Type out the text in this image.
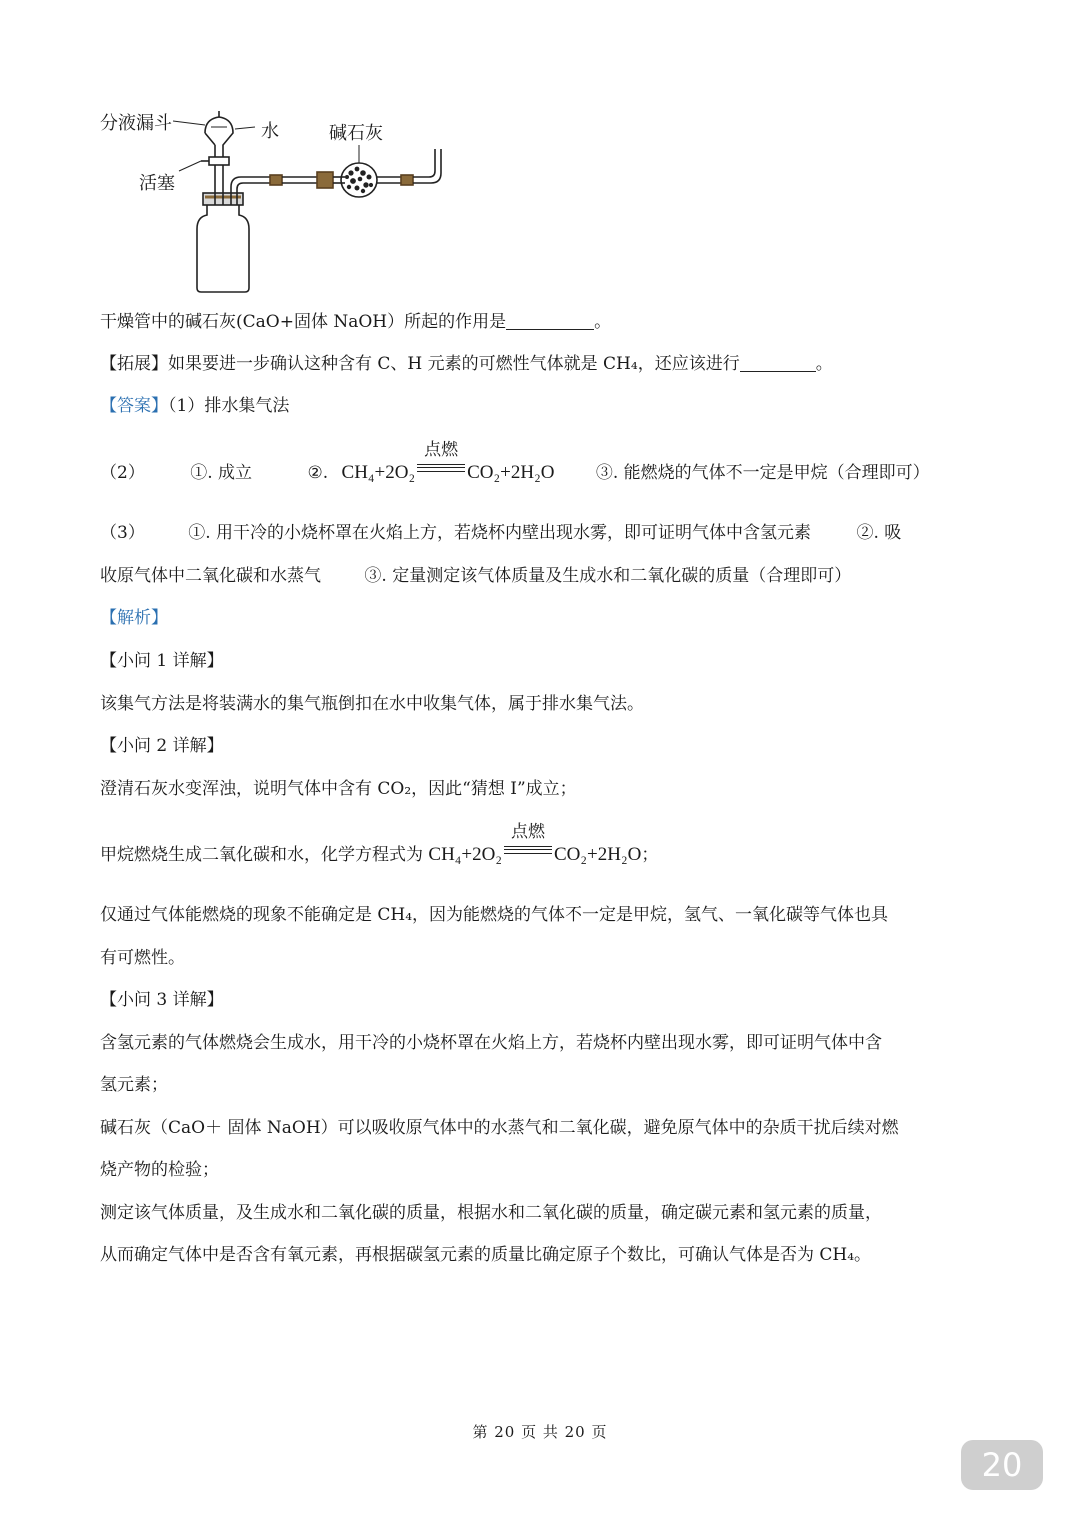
分液漏斗	水	碱石灰
活塞
干燥管中的碱石灰(CaO+固体 NaOH）所起的作用是	。
【拓展】如果要进一步确认这种含有 C、H 元素的可燃性气体就是 CH₄，还应该进行	。
【答案】（1）排水集气法
（2）	①. 成立	②. CH₄+2O₂
点燃
CO₂+2H₂O ③. 能燃烧的气体不一定是甲烷（合理即可）
（3）	①. 用干冷的小烧杯罩在火焰上方，若烧杯内壁出现水雾，即可证明气体中含氢元素	②. 吸
收原气体中二氧化碳和水蒸气	③. 定量测定该气体质量及生成水和二氧化碳的质量（合理即可）
【解析】
【小问 1 详解】
该集气方法是将装满水的集气瓶倒扣在水中收集气体，属于排水集气法。
【小问 2 详解】
澄清石灰水变浑浊，说明气体中含有 CO₂，因此“猜想 I”成立；
甲烷燃烧生成二氧化碳和水，化学方程式为 CH₄+2O₂
点燃
CO₂+2H₂O；
仅通过气体能燃烧的现象不能确定是 CH₄，因为能燃烧的气体不一定是甲烷，氢气、一氧化碳等气体也具
有可燃性。
【小问 3 详解】
含氢元素的气体燃烧会生成水，用干冷的小烧杯罩在火焰上方，若烧杯内壁出现水雾，即可证明气体中含
氢元素；
碱石灰（CaO＋ 固体 NaOH）可以吸收原气体中的水蒸气和二氧化碳，避免原气体中的杂质干扰后续对燃
烧产物的检验；
测定该气体质量，及生成水和二氧化碳的质量，根据水和二氧化碳的质量，确定碳元素和氢元素的质量，
从而确定气体中是否含有氧元素，再根据碳氢元素的质量比确定原子个数比，可确认气体是否为 CH₄。
第 20 页 共 20 页
20
